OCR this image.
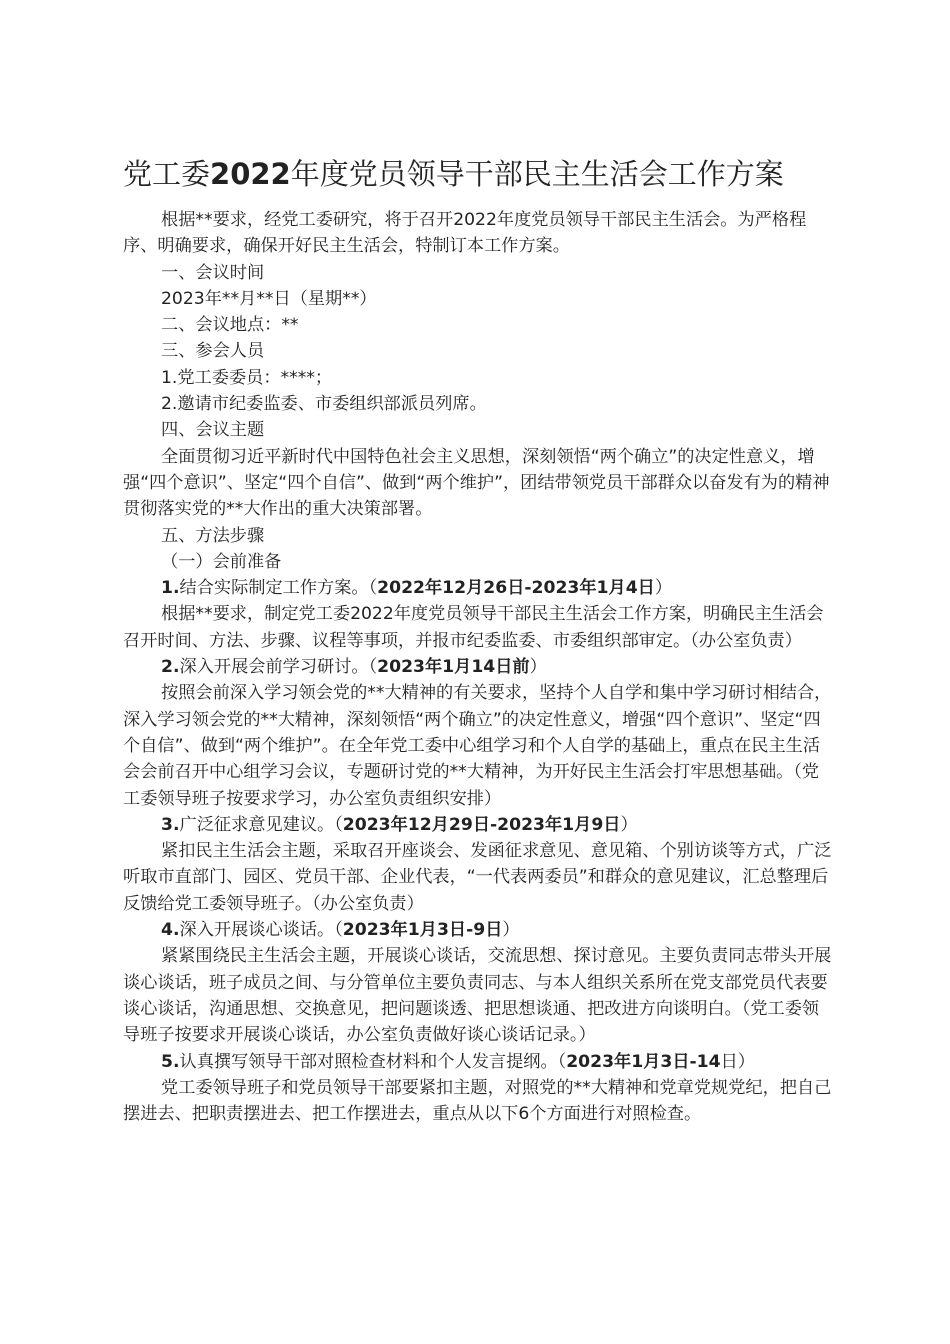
党工委2022年度党员领导干部民主生活会工作方案

根据**要求，经党工委研究，将于召开2022年度党员领导干部民主生活会。为严格程序、明确要求，确保开好民主生活会，特制订本工作方案。

一、会议时间

2023年**月**日（星期**）

二、会议地点：**

三、参会人员

1.党工委委员：****；

2.邀请市纪委监委、市委组织部派员列席。

四、会议主题

全面贯彻习近平新时代中国特色社会主义思想，深刻领悟“两个确立”的决定性意义，增强“四个意识”、坚定“四个自信”、做到“两个维护”，团结带领党员干部群众以奋发有为的精神贯彻落实党的**大作出的重大决策部署。

五、方法步骤

（一）会前准备

1.结合实际制定工作方案。（2022年12月26日-2023年1月4日）

根据**要求，制定党工委2022年度党员领导干部民主生活会工作方案，明确民主生活会召开时间、方法、步骤、议程等事项，并报市纪委监委、市委组织部审定。（办公室负责）

2.深入开展会前学习研讨。（2023年1月14日前）

按照会前深入学习领会党的**大精神的有关要求，坚持个人自学和集中学习研讨相结合，深入学习领会党的**大精神，深刻领悟“两个确立”的决定性意义，增强“四个意识”、坚定“四个自信”、做到“两个维护”。在全年党工委中心组学习和个人自学的基础上，重点在民主生活会会前召开中心组学习会议，专题研讨党的**大精神，为开好民主生活会打牢思想基础。（党工委领导班子按要求学习，办公室负责组织安排）

3.广泛征求意见建议。（2023年12月29日-2023年1月9日）

紧扣民主生活会主题，采取召开座谈会、发函征求意见、意见箱、个别访谈等方式，广泛听取市直部门、园区、党员干部、企业代表，“一代表两委员”和群众的意见建议，汇总整理后反馈给党工委领导班子。（办公室负责）

4.深入开展谈心谈话。（2023年1月3日-9日）

紧紧围绕民主生活会主题，开展谈心谈话，交流思想、探讨意见。主要负责同志带头开展谈心谈话，班子成员之间、与分管单位主要负责同志、与本人组织关系所在党支部党员代表要谈心谈话，沟通思想、交换意见，把问题谈透、把思想谈通、把改进方向谈明白。（党工委领导班子按要求开展谈心谈话，办公室负责做好谈心谈话记录。）

5.认真撰写领导干部对照检查材料和个人发言提纲。（2023年1月3日-14日）

党工委领导班子和党员领导干部要紧扣主题，对照党的**大精神和党章党规党纪，把自己摆进去、把职责摆进去、把工作摆进去，重点从以下6个方面进行对照检查。
